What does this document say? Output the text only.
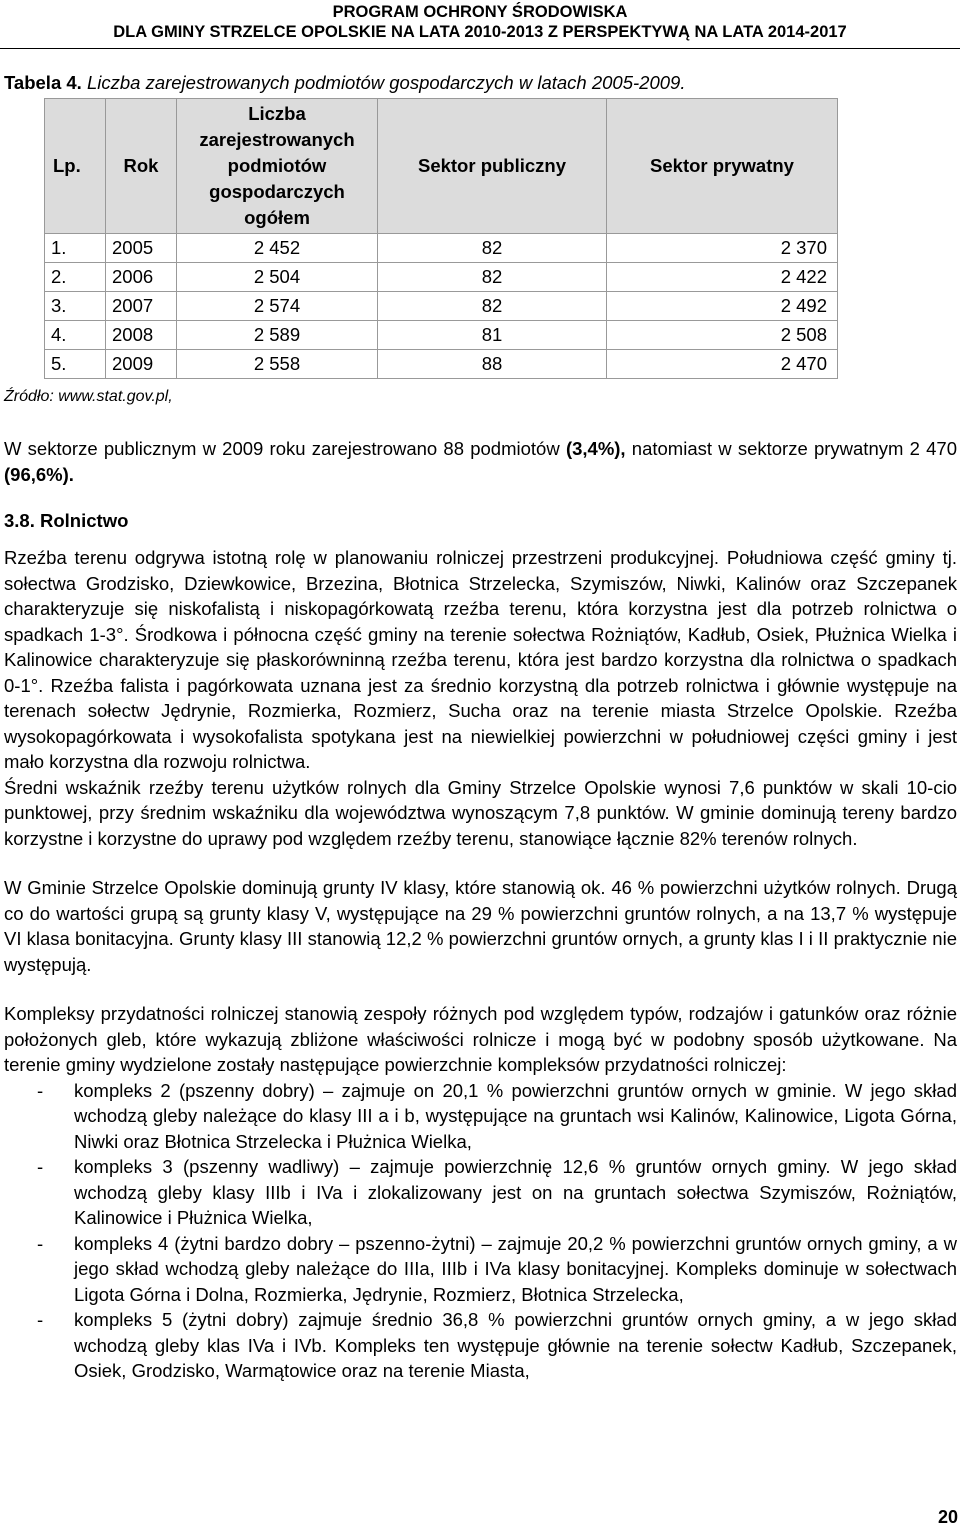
PROGRAM OCHRONY ŚRODOWISKA
DLA GMINY STRZELCE OPOLSKIE NA LATA 2010-2013 Z PERSPEKTYWĄ NA LATA 2014-2017
Tabela 4. Liczba zarejestrowanych podmiotów gospodarczych w latach 2005-2009.
Lp.	Rok	Liczba zarejestrowanych podmiotów gospodarczych ogółem	Sektor publiczny	Sektor prywatny
1.	2005	2 452	82	2 370
2.	2006	2 504	82	2 422
3.	2007	2 574	82	2 492
4.	2008	2 589	81	2 508
5.	2009	2 558	88	2 470
Źródło: www.stat.gov.pl,
W sektorze publicznym w 2009 roku zarejestrowano 88 podmiotów (3,4%), natomiast w sektorze prywatnym 2 470 (96,6%).
3.8. Rolnictwo

Rzeźba terenu odgrywa istotną rolę w planowaniu rolniczej przestrzeni produkcyjnej. Południowa część gminy tj. sołectwa Grodzisko, Dziewkowice, Brzezina, Błotnica Strzelecka, Szymiszów, Niwki, Kalinów oraz Szczepanek charakteryzuje się niskofalistą i niskopagórkowatą rzeźba terenu, która korzystna jest dla potrzeb rolnictwa o spadkach 1-3°. Środkowa i północna część gminy na terenie sołectwa Rożniątów, Kadłub, Osiek, Płużnica Wielka i Kalinowice charakteryzuje się płaskorówninną rzeźba terenu, która jest bardzo korzystna dla rolnictwa o spadkach 0-1°. Rzeźba falista i pagórkowata uznana jest za średnio korzystną dla potrzeb rolnictwa i głównie występuje na terenach sołectw Jędrynie, Rozmierka, Rozmierz, Sucha oraz na terenie miasta Strzelce Opolskie. Rzeźba wysokopagórkowata i wysokofalista spotykana jest na niewielkiej powierzchni w południowej części gminy i jest mało korzystna dla rozwoju rolnictwa.

Średni wskaźnik rzeźby terenu użytków rolnych dla Gminy Strzelce Opolskie wynosi 7,6 punktów w skali 10-cio punktowej, przy średnim wskaźniku dla województwa wynoszącym 7,8 punktów. W gminie dominują tereny bardzo korzystne i korzystne do uprawy pod względem rzeźby terenu, stanowiące łącznie 82% terenów rolnych.

W Gminie Strzelce Opolskie dominują grunty IV klasy, które stanowią ok. 46 % powierzchni użytków rolnych. Drugą co do wartości grupą są grunty klasy V, występujące na 29 % powierzchni gruntów rolnych, a na 13,7 % występuje VI klasa bonitacyjna. Grunty klasy III stanowią 12,2 % powierzchni gruntów ornych, a grunty klas I i II praktycznie nie występują.

Kompleksy przydatności rolniczej stanowią zespoły różnych pod względem typów, rodzajów i gatunków oraz różnie położonych gleb, które wykazują zbliżone właściwości rolnicze i mogą być w podobny sposób użytkowane. Na terenie gminy wydzielone zostały następujące powierzchnie kompleksów przydatności rolniczej:

- kompleks 2 (pszenny dobry) – zajmuje on 20,1 % powierzchni gruntów ornych w gminie. W jego skład wchodzą gleby należące do klasy III a i b, występujące na gruntach wsi Kalinów, Kalinowice, Ligota Górna, Niwki oraz Błotnica Strzelecka i Płużnica Wielka,
- kompleks 3 (pszenny wadliwy) – zajmuje powierzchnię 12,6 % gruntów ornych gminy. W jego skład wchodzą gleby klasy IIIb i IVa i zlokalizowany jest on na gruntach sołectwa Szymiszów, Rożniątów, Kalinowice i Płużnica Wielka,
- kompleks 4 (żytni bardzo dobry – pszenno-żytni) – zajmuje 20,2 % powierzchni gruntów ornych gminy, a w jego skład wchodzą gleby należące do IIIa, IIIb i IVa klasy bonitacyjnej. Kompleks dominuje w sołectwach Ligota Górna i Dolna, Rozmierka, Jędrynie, Rozmierz, Błotnica Strzelecka,
- kompleks 5 (żytni dobry) zajmuje średnio 36,8 % powierzchni gruntów ornych gminy, a w jego skład wchodzą gleby klas IVa i IVb. Kompleks ten występuje głównie na terenie sołectw Kadłub, Szczepanek, Osiek, Grodzisko, Warmątowice oraz na terenie Miasta,
20
